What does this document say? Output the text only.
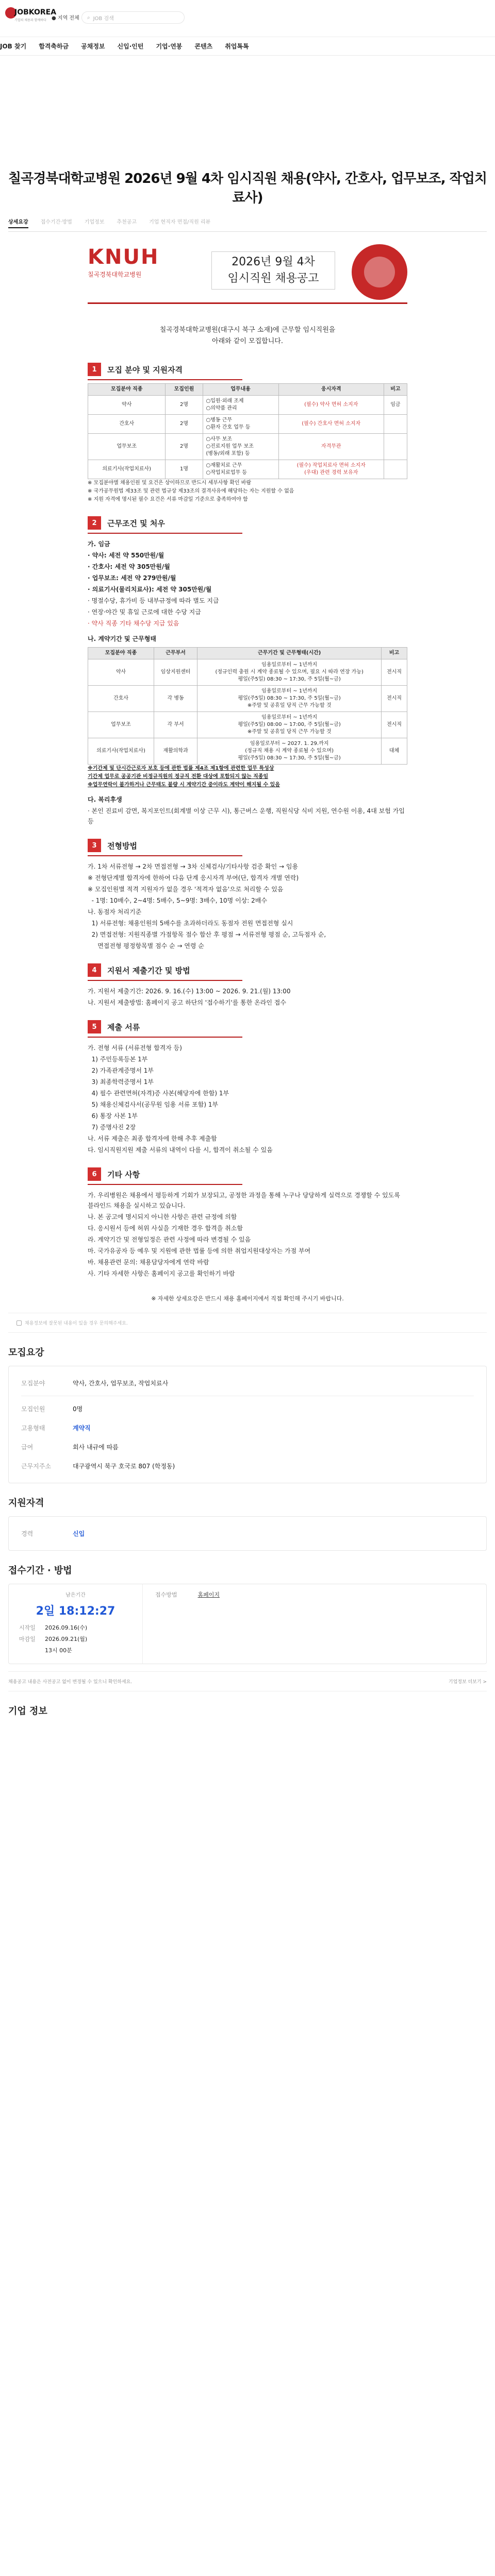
JOBKOREA
기업의 채용과 함께하다 ● 지역 전체 ⌕ JOB 검색
JOB 찾기 합격축하금 공채정보 신입·인턴 기업·연봉 콘텐츠 취업톡톡
칠곡경북대학교병원 2026년 9월 4차 임시직원 채용(약사, 간호사, 업무보조, 작업치료사)
상세요강 접수기간·방법 기업정보 추천공고 기업 현직자 면접/직원 리뷰
KNUH
칠곡경북대학교병원
2026년 9월 4차
임시직원 채용공고
칠곡경북대학교병원(대구시 북구 소재)에 근무할 임시직원을
아래와 같이 모집합니다.
1	모집 분야 및 지원자격
모집분야 직종	모집인원	업무내용	응시자격	비고
약사	2명	○입원·외래 조제
○의약품 관리	(필수) 약사 면허 소지자	임금
간호사	2명	○병동 근무
○환자 간호 업무 등	(필수) 간호사 면허 소지자	
업무보조	2명	○사무 보조
○진료지원 업무 보조
(병동/외래 포함) 등	자격무관	
의료기사(작업치료사)	1명	○재활치료 근무
○작업치료업무 등	(필수) 작업치료사 면허 소지자
(우대) 관련 경력 보유자	
※ 모집분야별 채용인원 및 요건은 상이하므로 반드시 세부사항 확인 바람
※ 국가공무원법 제33조 및 관련 법규상 제33조의 결격사유에 해당하는 자는 지원할 수 없음
※ 지원 자격에 명시된 필수 요건은 서류 마감일 기준으로 충족하여야 함
2	근무조건 및 처우

가. 임금

· 약사: 세전 약 550만원/월

· 간호사: 세전 약 305만원/월

· 업무보조: 세전 약 279만원/월

· 의료기사(물리치료사): 세전 약 305만원/월

· 명절수당, 휴가비 등 내부규정에 따라 별도 지급

· 연장·야간 및 휴일 근로에 대한 수당 지급

· 약사 직종 기타 채수당 지급 있음

나. 계약기간 및 근무형태

모집분야 직종	근무부서	근무기간 및 근무형태(시간)	비고
약사	임상지원센터	임용일로부터 ~ 1년까지
(정규인력 충원 시 계약 종료될 수 있으며, 필요 시 따라 연장 가능)
평일(주5일) 08:30 ~ 17:30, 주 5일(월~금)	전시직
간호사	각 병동	임용일로부터 ~ 1년까지
평일(주5일) 08:30 ~ 17:30, 주 5일(월~금)
※주말 및 공휴일 당직 근무 가능할 것	전시직
업무보조	각 부서	임용일로부터 ~ 1년까지
평일(주5일) 08:00 ~ 17:00, 주 5일(월~금)
※주말 및 공휴일 당직 근무 가능할 것	전시직
의료기사(작업치료사)	재활의학과	임용일로부터 ~ 2027. 1. 29.까지
(정규직 채용 시 계약 종료될 수 있으며)
평일(주5일) 08:30 ~ 17:30, 주 5일(월~금)	대체
※기간제 및 단시간근로자 보호 등에 관한 법률 제4조 제1항에 관련한 업무 특성상
기간제 업무로 공공기관 비정규직원의 정규직 전환 대상에 포함되지 않는 직종임
※업무연락이 불가하거나 근무태도 불량 시 계약기간 중이라도 계약이 해지될 수 있음

다. 복리후생

· 본인 진료비 감면, 복지포인트(회계별 이상 근무 시), 통근버스 운행, 직원식당 식비 지원, 연수원 이용, 4대 보험 가입 등

3	전형방법

가. 1차 서류전형 → 2차 면접전형 → 3차 신체검사/기타사항 검증 확인 → 임용

※ 전형단계별 합격자에 한하여 다음 단계 응시자격 부여(단, 합격자 개별 연락)

※ 모집인원별 적격 지원자가 없을 경우 '적격자 없음'으로 처리할 수 있음

- 1명: 10배수, 2~4명: 5배수, 5~9명: 3배수, 10명 이상: 2배수

나. 동점자 처리기준

1) 서류전형: 채용인원의 5배수를 초과하더라도 동점자 전원 면접전형 실시

2) 면접전형: 지원직종별 가점항목 점수 합산 후 평점 → 서류전형 평점 순, 고득점자 순,

면접전형 평정항목별 점수 순 → 연령 순

4	지원서 제출기간 및 방법

가. 지원서 제출기간: 2026. 9. 16.(수) 13:00 ~ 2026. 9. 21.(월) 13:00

나. 지원서 제출방법: 홈페이지 공고 하단의 '접수하기'를 통한 온라인 접수

5	제출 서류

가. 전형 서류 (서류전형 합격자 등)

1) 주민등록등본 1부

2) 가족관계증명서 1부

3) 최종학력증명서 1부

4) 필수 관련면허(자격)증 사본(해당자에 한함) 1부

5) 채용신체검사서(공무원 임용 서류 포함) 1부

6) 통장 사본 1부

7) 증명사진 2장

나. 서류 제출은 최종 합격자에 한해 추후 제출함

다. 임시직원지원 제출 서류의 내역이 다를 시, 합격이 취소될 수 있음

6	기타 사항

가. 우리병원은 채용에서 평등하게 기회가 보장되고, 공정한 과정을 통해 누구나 당당하게 실력으로 경쟁할 수 있도록 블라인드 채용을 실시하고 있습니다.

나. 본 공고에 명시되지 아니한 사항은 관련 규정에 의함

다. 응시원서 등에 허위 사실을 기재한 경우 합격을 취소함

라. 계약기간 및 전형일정은 관련 사정에 따라 변경될 수 있음

마. 국가유공자 등 예우 및 지원에 관한 법률 등에 의한 취업지원대상자는 가점 부여

바. 채용관련 문의: 채용담당자에게 연락 바람

사. 기타 자세한 사항은 홈페이지 공고를 확인하기 바람

※ 자세한 상세요강은 반드시 채용 홈페이지에서 직접 확인해 주시기 바랍니다.
채용정보에 잘못된 내용이 있을 경우 문의해주세요.
모집요강
모집분야	약사, 간호사, 업무보조, 작업치료사
모집인원	0명
고용형태	계약직
급여	회사 내규에 따름
근무지주소	대구광역시 북구 호국로 807 (학정동)
지원자격
경력	신입
접수기간 · 방법
남은기간
2일 18:12:27
시작일	2026.09.16(수)
마감일	2026.09.21(월)
13시 00분
접수방법	홈페이지
채용공고 내용은 사전공고 없이 변경될 수 있으니 확인하세요.	기업정보 더보기 >
기업 정보
